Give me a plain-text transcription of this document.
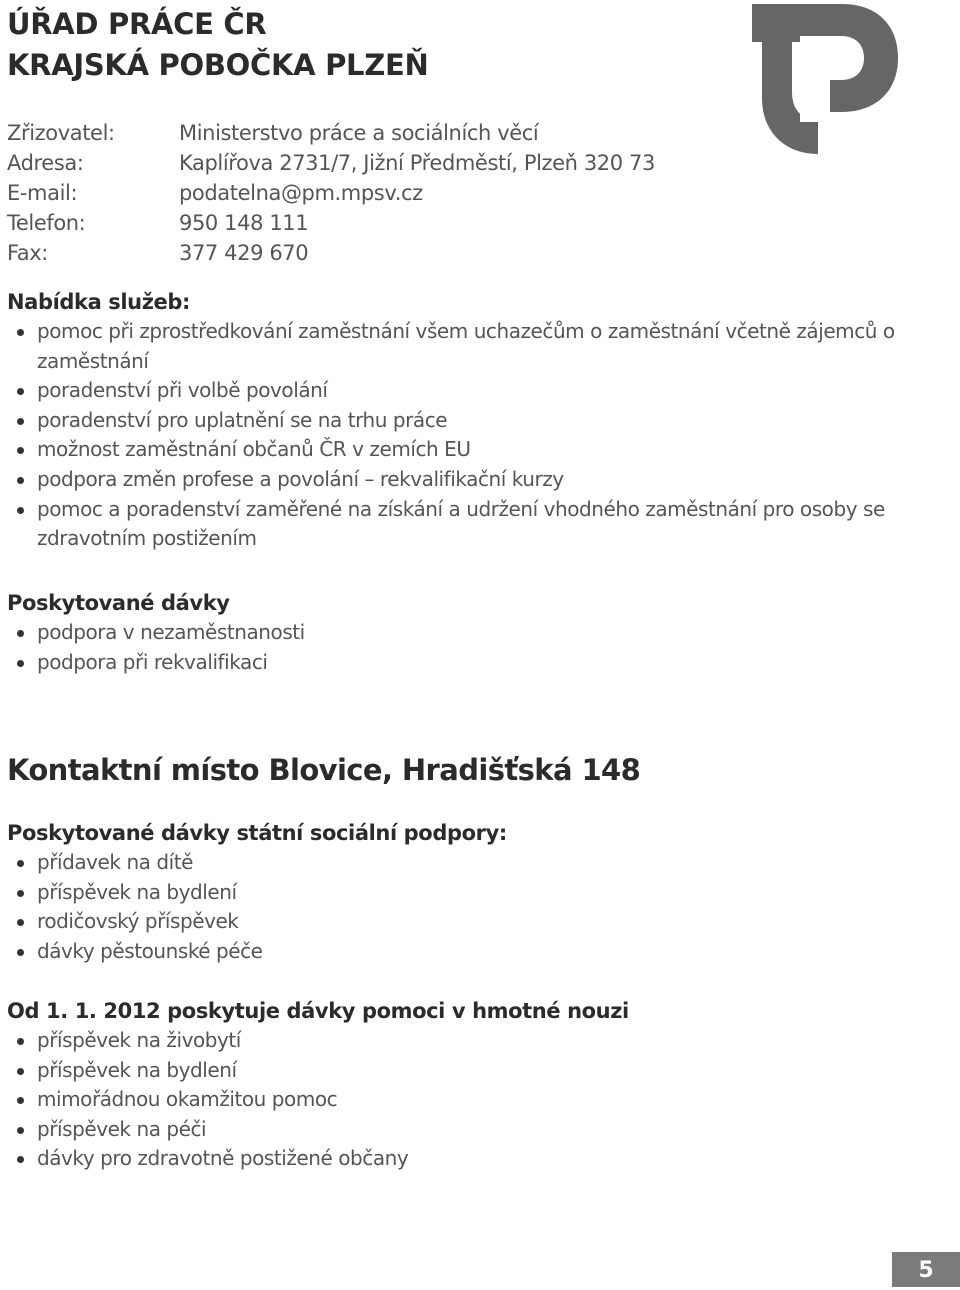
ÚŘAD PRÁCE ČR
KRAJSKÁ POBOČKA PLZEŇ
Zřizovatel:	Ministerstvo práce a sociálních věcí
Adresa:	Kaplířova 2731/7, Jižní Předměstí, Plzeň 320 73
E-mail:	podatelna@pm.mpsv.cz
Telefon:	950 148 111
Fax:	377 429 670
Nabídka služeb:
pomoc při zprostředkování zaměstnání všem uchazečům o zaměstnání včetně zájemců o zaměstnání
poradenství při volbě povolání
poradenství pro uplatnění se na trhu práce
možnost zaměstnání občanů ČR v zemích EU
podpora změn profese a povolání – rekvalifikační kurzy
pomoc a poradenství zaměřené na získání a udržení vhodného zaměstnání pro osoby se zdravotním postižením
Poskytované dávky
podpora v nezaměstnanosti
podpora při rekvalifikaci
Kontaktní místo Blovice, Hradišťská 148
Poskytované dávky státní sociální podpory:
přídavek na dítě
příspěvek na bydlení
rodičovský příspěvek
dávky pěstounské péče
Od 1. 1. 2012 poskytuje dávky pomoci v hmotné nouzi
příspěvek na živobytí
příspěvek na bydlení
mimořádnou okamžitou pomoc
příspěvek na péči
dávky pro zdravotně postižené občany
5
